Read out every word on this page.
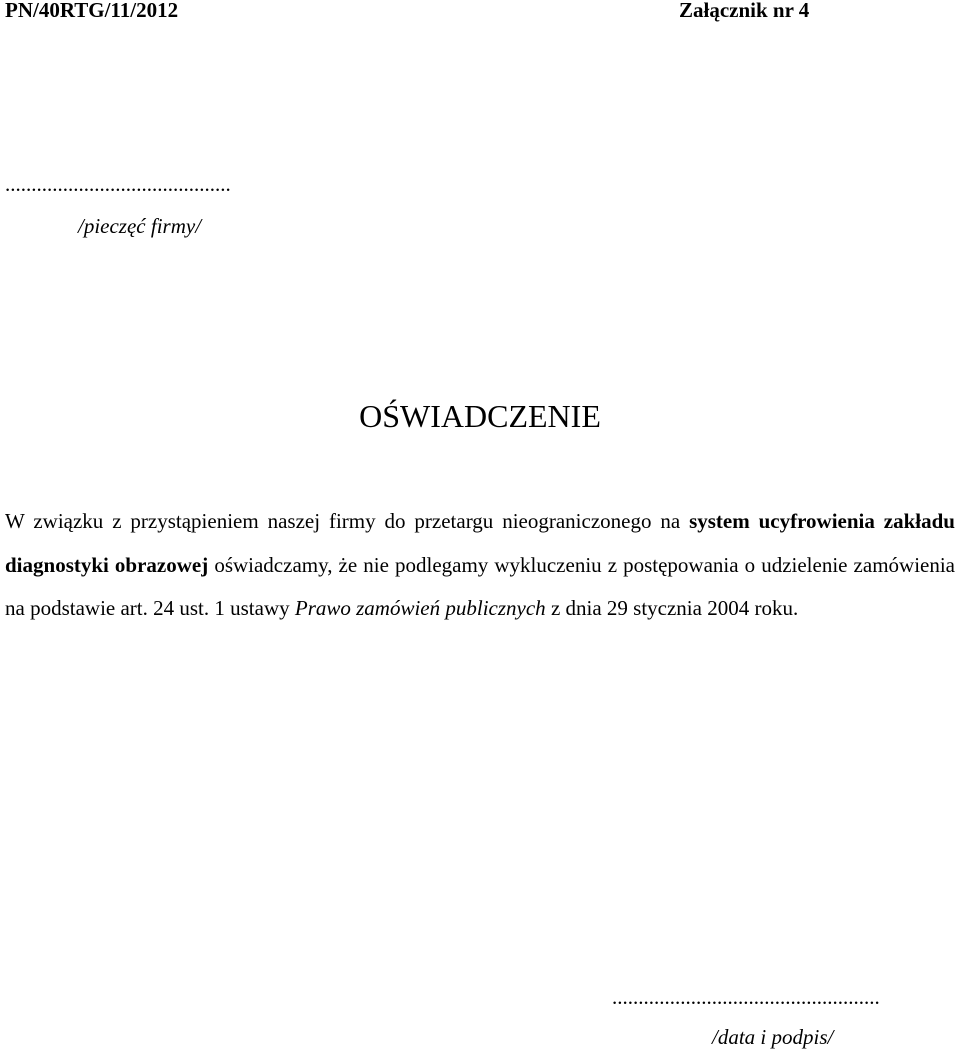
PN/40RTG/11/2012	Załącznik nr 4
...........................................
/pieczęć firmy/
OŚWIADCZENIE
W związku z przystąpieniem naszej firmy do przetargu nieograniczonego na system ucyfrowienia zakładu diagnostyki obrazowej oświadczamy, że nie podlegamy wykluczeniu z postępowania o udzielenie zamówienia na podstawie art. 24 ust. 1 ustawy Prawo zamówień publicznych z dnia 29 stycznia 2004 roku.
...................................................
/data i podpis/
